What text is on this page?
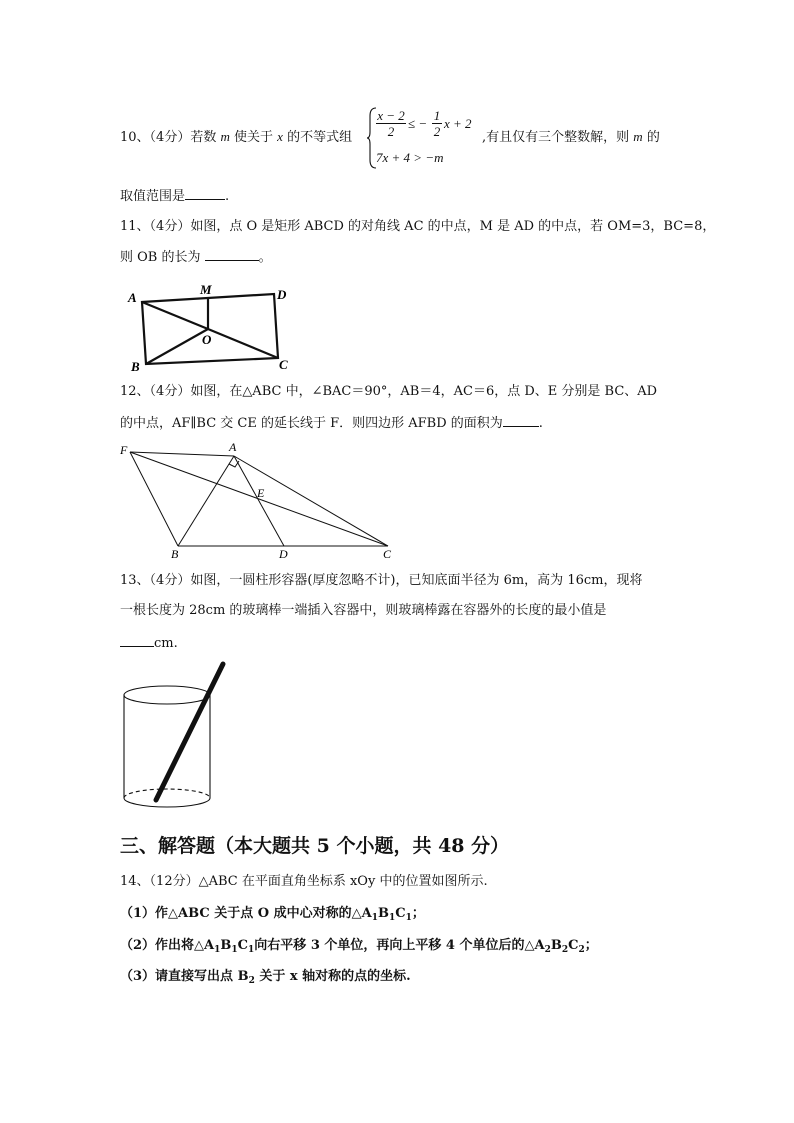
10、（4分）若数 m 使关于 x 的不等式组
x − 2
2
≤ −
1
2
x + 2
7x + 4 > −m
,有且仅有三个整数解，则 m 的
取值范围是	.
11、（4分）如图，点 O 是矩形 ABCD 的对角线 AC 的中点，M 是 AD 的中点，若 OM=3，BC=8，
则 OB 的长为	。
A
M	D
O
B	C
12、（4分）如图，在△ABC 中，∠BAC＝90°，AB＝4，AC＝6，点 D、E 分别是 BC、AD
的中点，AF∥BC 交 CE 的延长线于 F．则四边形 AFBD 的面积为	.
F	A
E
B	D	C
13、（4分）如图，一圆柱形容器(厚度忽略不计)，已知底面半径为 6m，高为 16cm，现将
一根长度为 28cm 的玻璃棒一端插入容器中，则玻璃棒露在容器外的长度的最小值是
cm.
三、解答题（本大题共 5 个小题，共 48 分）
14、（12分）△ABC 在平面直角坐标系 xOy 中的位置如图所示.
（1）作△ABC 关于点 O 成中心对称的$\triangle A_1B_1C_1$；
（2）作出将$\triangle A_1B_1C_1$向右平移 3 个单位，再向上平移 4 个单位后的$\triangle A_2B_2C_2$；
（3）请直接写出点 $B_2$ 关于 x 轴对称的点的坐标.
